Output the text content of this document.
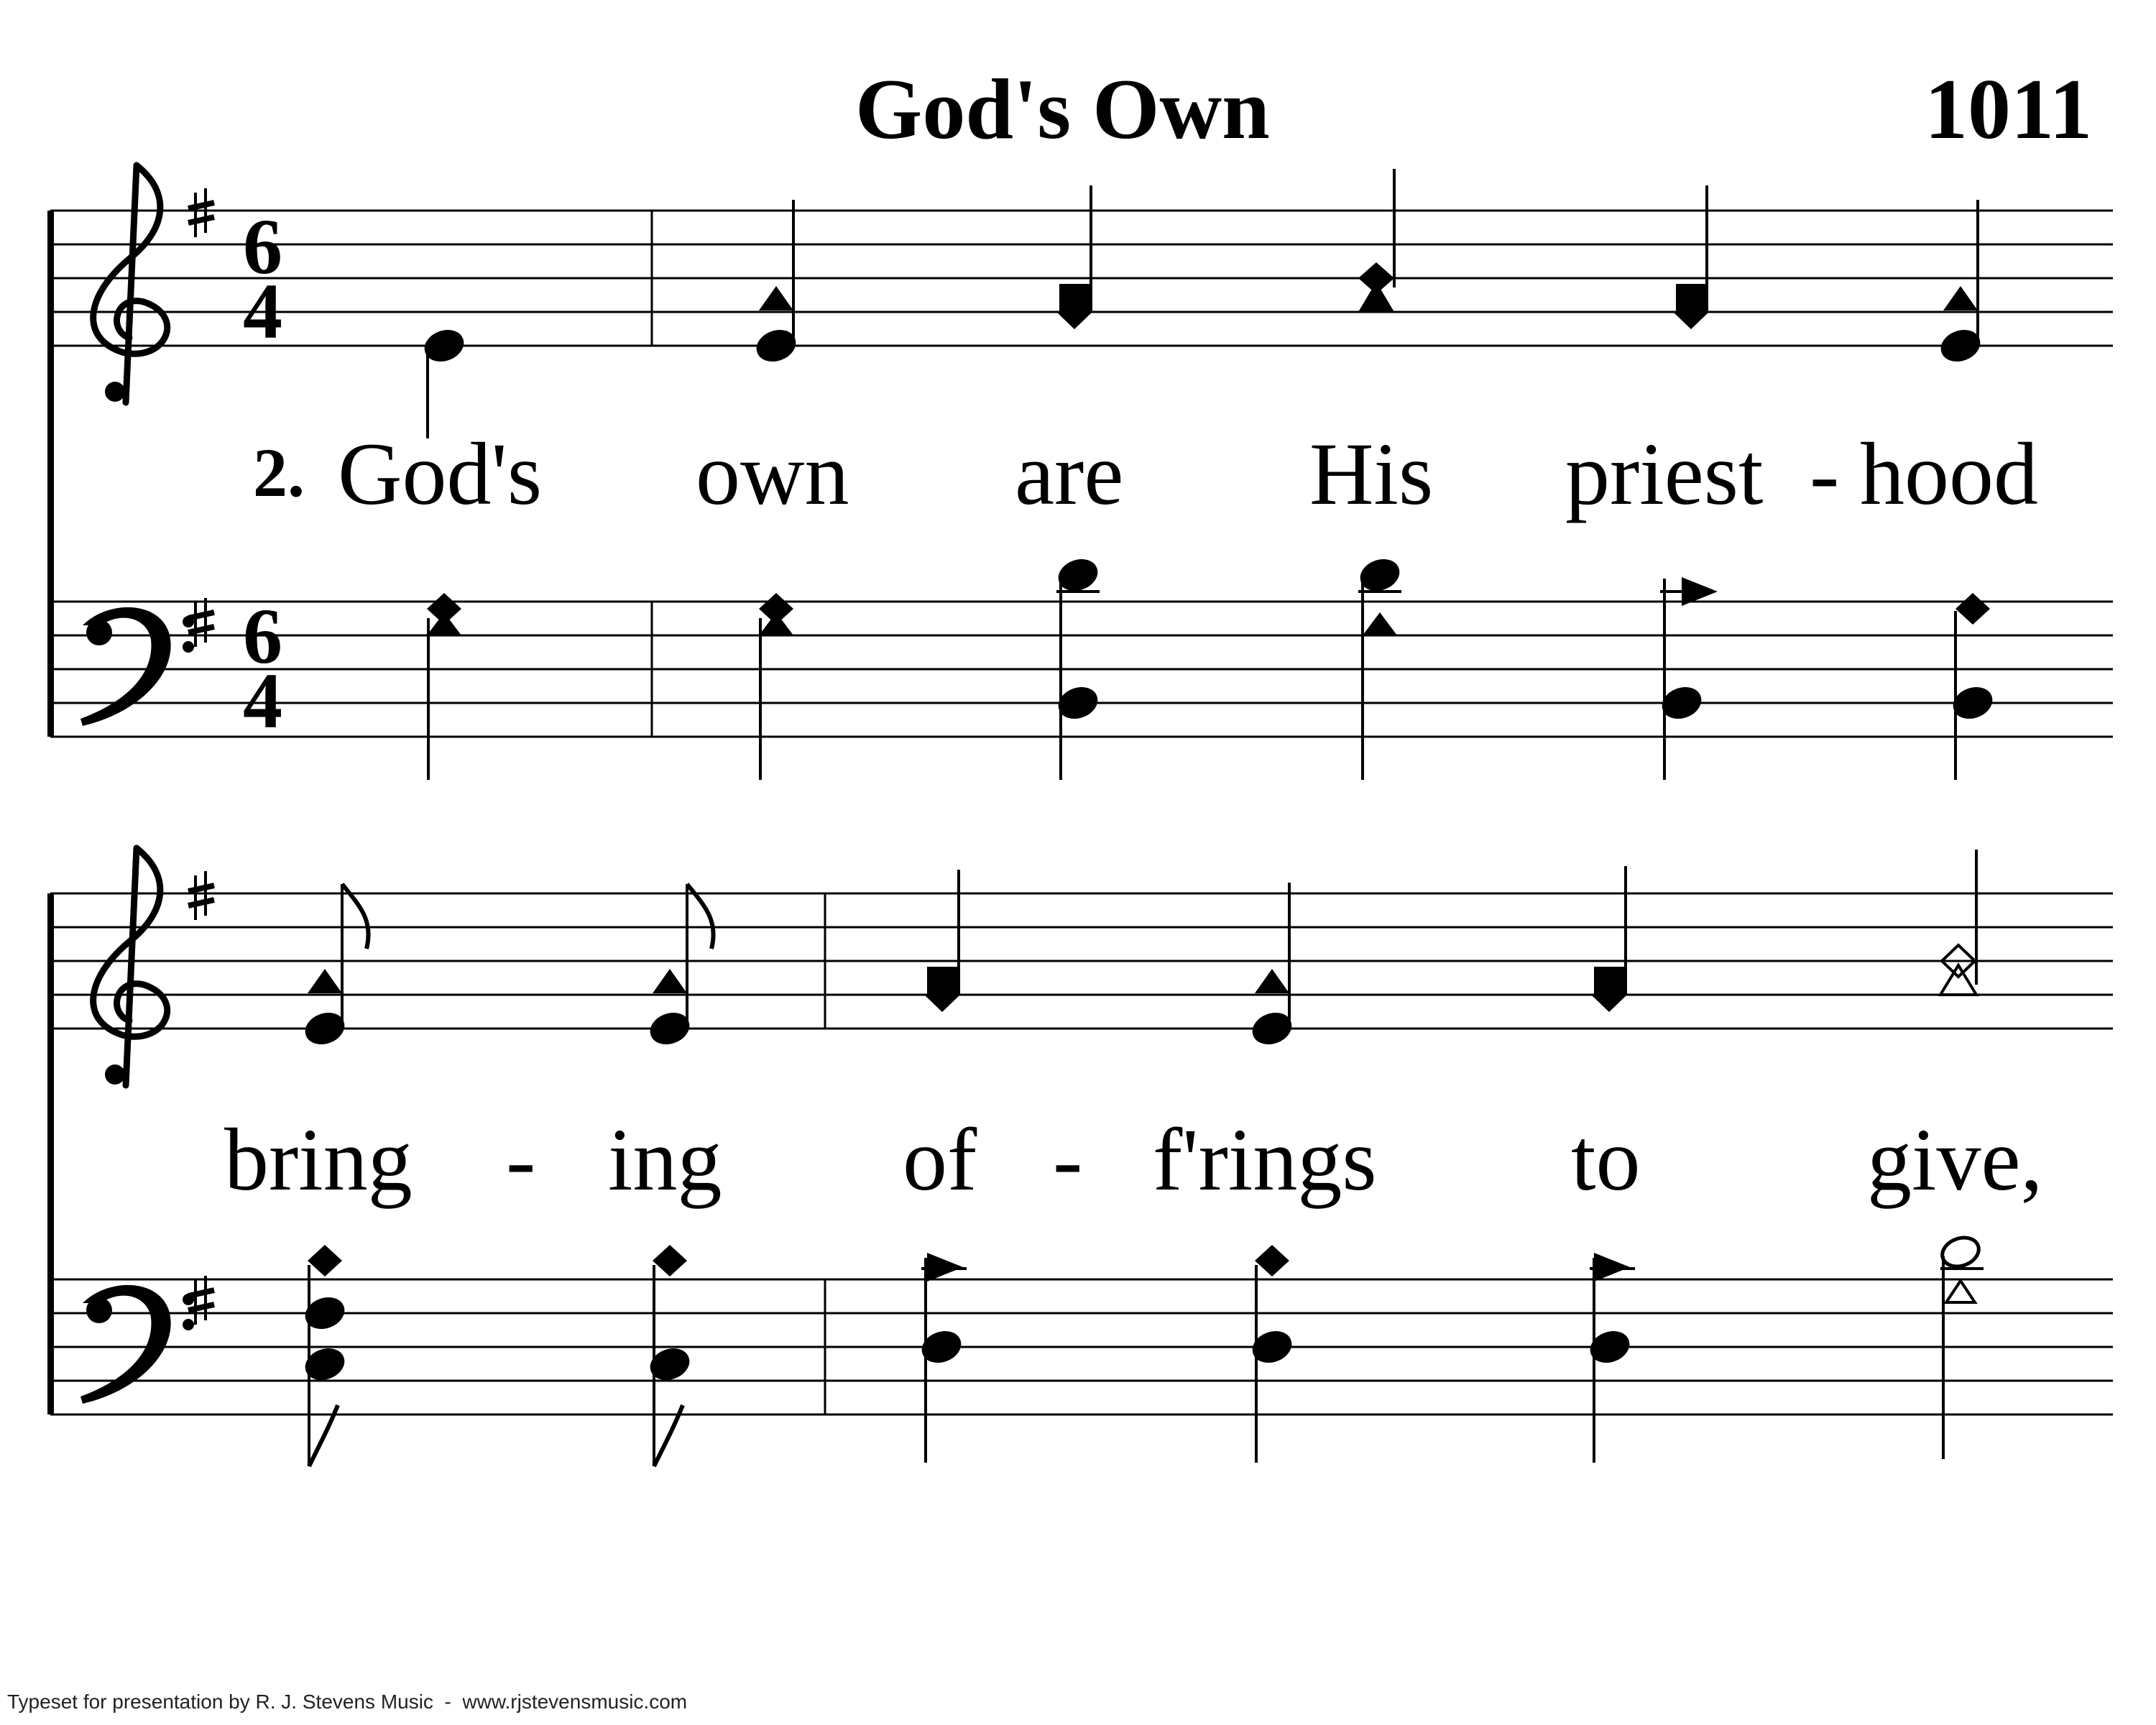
6
4
6
4
God's Own	1011
2. God's own are His priest - hood
bring - ing of - f'rings to	give,
Typeset for presentation by R. J. Stevens Music  -  www.rjstevensmusic.com
